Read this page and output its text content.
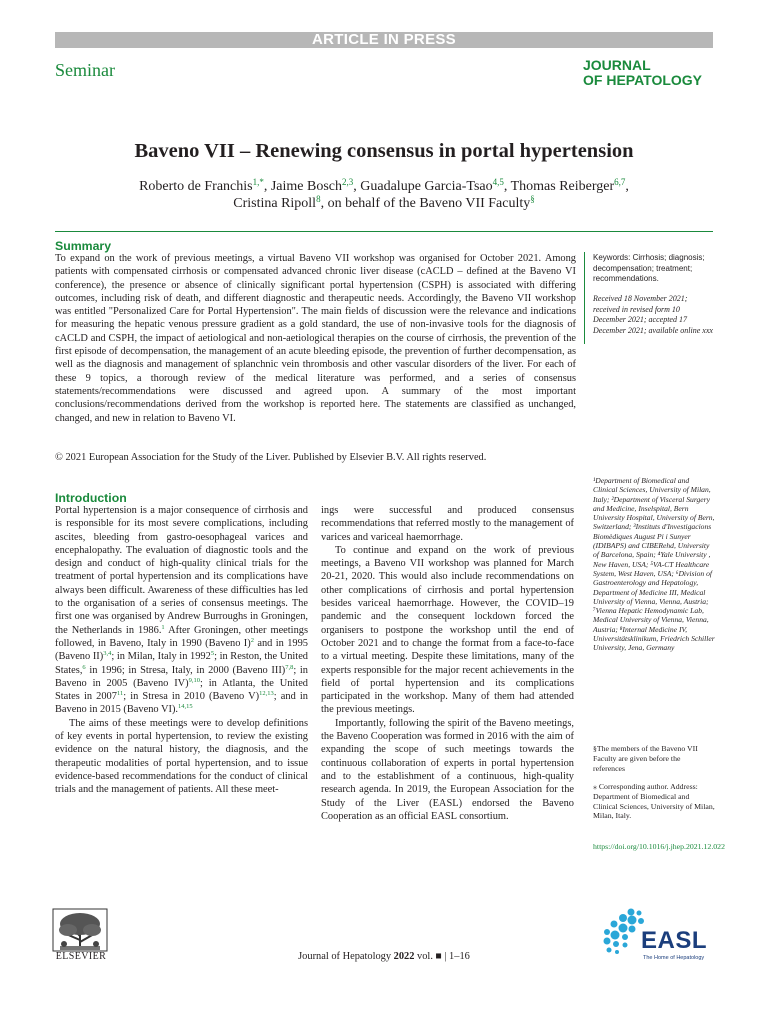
ARTICLE IN PRESS
Seminar	JOURNAL
OF HEPATOLOGY
Baveno VII – Renewing consensus in portal hypertension
Roberto de Franchis$^{1,*}$, Jaime Bosch$^{2,3}$, Guadalupe Garcia-Tsao$^{4,5}$, Thomas Reiberger$^{6,7}$,
Cristina Ripoll$^8$, on behalf of the Baveno VII Faculty§
Summary
To expand on the work of previous meetings, a virtual Baveno VII workshop was organised for October 2021. Among patients with compensated cirrhosis or compensated advanced chronic liver disease (cACLD – defined at the Baveno VI conference), the presence or absence of clinically significant portal hypertension (CSPH) is associated with differing outcomes, including risk of death, and different diagnostic and therapeutic needs. Accordingly, the Baveno VII workshop was entitled "Personalized Care for Portal Hypertension". The main fields of discussion were the relevance and indications for measuring the hepatic venous pressure gradient as a gold standard, the use of non-invasive tools for the diagnosis of cACLD and CSPH, the impact of aetiological and non-aetiological therapies on the course of cirrhosis, the prevention of the first episode of decompensation, the management of an acute bleeding episode, the prevention of further decompensation, as well as the diagnosis and management of splanchnic vein thrombosis and other vascular disorders of the liver. For each of these 9 topics, a thorough review of the medical literature was performed, and a series of consensus statements/recommendations were discussed and agreed upon. A summary of the most important conclusions/recommendations derived from the workshop is reported here. The statements are classified as unchanged, changed, and new in relation to Baveno VI.
© 2021 European Association for the Study of the Liver. Published by Elsevier B.V. All rights reserved.
Keywords: Cirrhosis; diagnosis; decompensation; treatment; recommendations.
Received 18 November 2021; received in revised form 10 December 2021; accepted 17 December 2021; available online xxx
Introduction

Portal hypertension is a major consequence of cirrhosis and is responsible for its most severe complications, including ascites, bleeding from gastro-oesophageal varices and encephalopathy. The evaluation of diagnostic tools and the design and conduct of high-quality clinical trials for the treatment of portal hypertension and its complications have always been difficult. Awareness of these difficulties has led to the organisation of a series of consensus meetings. The first one was organised by Andrew Burroughs in Groningen, the Netherlands in 1986.$^1$ After Groningen, other meetings followed, in Baveno, Italy in 1990 (Baveno I)$^2$ and in 1995 (Baveno II)$^{3,4}$; in Milan, Italy in 1992$^5$; in Reston, the United States,$^6$ in 1996; in Stresa, Italy, in 2000 (Baveno III)$^{7,8}$; in Baveno in 2005 (Baveno IV)$^{9,10}$; in Atlanta, the United States in 2007$^{11}$; in Stresa in 2010 (Baveno V)$^{12,13}$; and in Baveno in 2015 (Baveno VI).$^{14,15}$

The aims of these meetings were to develop definitions of key events in portal hypertension, to review the existing evidence on the natural history, the diagnosis, and the therapeutic modalities of portal hypertension, and to issue evidence-based recommendations for the conduct of clinical trials and the management of patients. All these meet-

ings were successful and produced consensus recommendations that referred mostly to the management of varices and variceal haemorrhage.

To continue and expand on the work of previous meetings, a Baveno VII workshop was planned for March 20-21, 2020. This would also include recommendations on other complications of cirrhosis and portal hypertension besides variceal haemorrhage. However, the COVID–19 pandemic and the consequent lockdown forced the organisers to postpone the workshop until the end of October 2021 and to change the format from a face-to-face to a virtual meeting. Despite these limitations, many of the experts responsible for the major recent achievements in the field of portal hypertension and its complications participated in the workshop. Many of them had attended the previous meetings.

Importantly, following the spirit of the Baveno meetings, the Baveno Cooperation was formed in 2016 with the aim of expanding the scope of such meetings towards the continuous collaboration of experts in portal hypertension and to the establishment of a continuous, high-quality research agenda. In 2019, the European Association for the Study of the Liver (EASL) endorsed the Baveno Cooperation as an official EASL consortium.

¹Department of Biomedical and Clinical Sciences, University of Milan, Italy; ²Department of Visceral Surgery and Medicine, Inselspital, Bern University Hospital, University of Bern, Switzerland; ³Instituts d'Investigacions Biomèdiques August Pi i Sunyer (IDIBAPS) and CIBERehd, University of Barcelona, Spain; ⁴Yale University , New Haven, USA; ⁵VA-CT Healthcare System, West Haven, USA; ⁶Division of Gastroenterology and Hepatology, Department of Medicine III, Medical University of Vienna, Vienna, Austria; ⁷Vienna Hepatic Hemodynamic Lab, Medical University of Vienna, Vienna, Austria; ⁸Internal Medicine IV, Universitätsklinikum, Friedrich Schiller University, Jena, Germany
§The members of the Baveno VII Faculty are given before the references
⁎ Corresponding author. Address: Department of Biomedical and Clinical Sciences, University of Milan, Milan, Italy.
https://doi.org/10.1016/j.jhep.2021.12.022
ELSEVIER	Journal of Hepatology 2022 vol. ■ | 1–16
EASL
The Home of Hepatology
